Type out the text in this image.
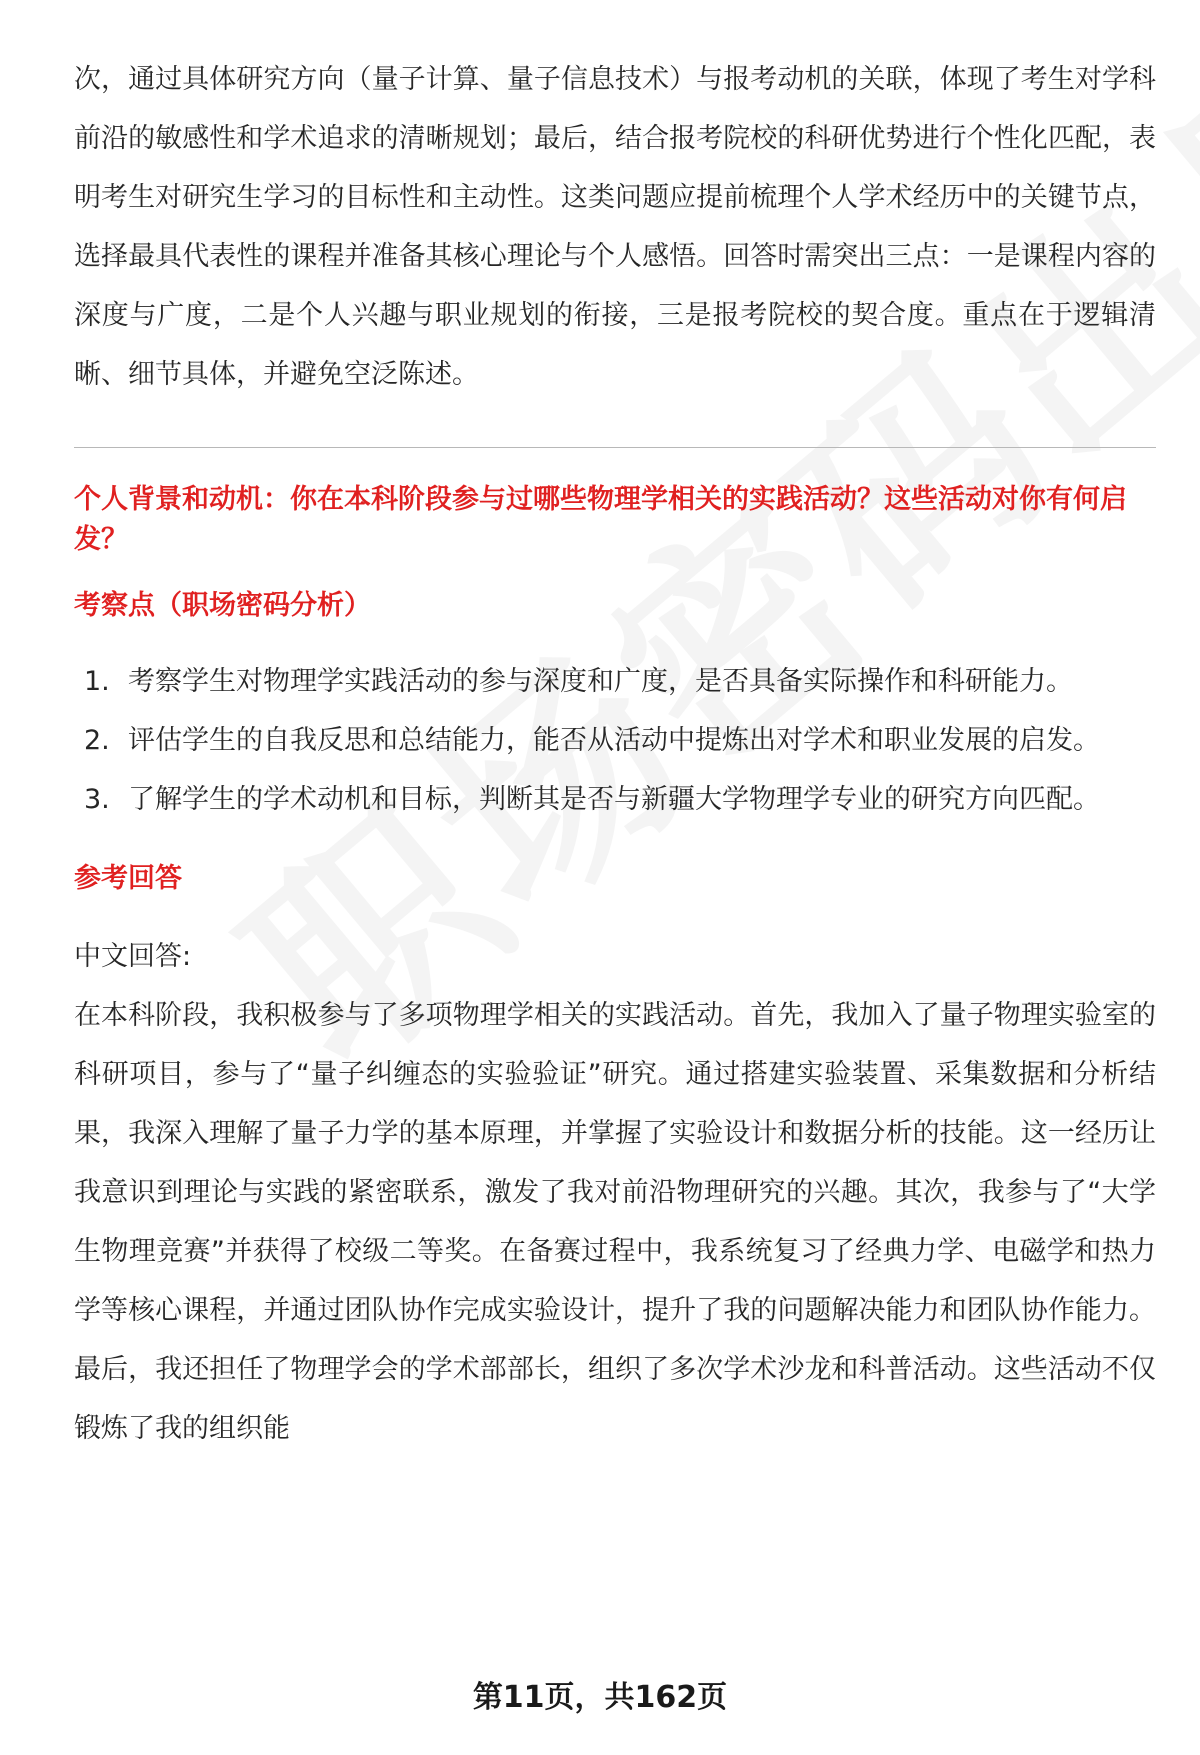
次，通过具体研究方向（量子计算、量子信息技术）与报考动机的关联，体现了考生对学科前沿的敏感性和学术追求的清晰规划；最后，结合报考院校的科研优势进行个性化匹配，表明考生对研究生学习的目标性和主动性。这类问题应提前梳理个人学术经历中的关键节点，选择最具代表性的课程并准备其核心理论与个人感悟。回答时需突出三点：一是课程内容的深度与广度，二是个人兴趣与职业规划的衔接，三是报考院校的契合度。重点在于逻辑清晰、细节具体，并避免空泛陈述。

个人背景和动机：你在本科阶段参与过哪些物理学相关的实践活动？这些活动对你有何启发？

考察点（职场密码分析）

1. 考察学生对物理学实践活动的参与深度和广度，是否具备实际操作和科研能力。
2. 评估学生的自我反思和总结能力，能否从活动中提炼出对学术和职业发展的启发。
3. 了解学生的学术动机和目标，判断其是否与新疆大学物理学专业的研究方向匹配。

参考回答

中文回答:

在本科阶段，我积极参与了多项物理学相关的实践活动。首先，我加入了量子物理实验室的科研项目，参与了“量子纠缠态的实验验证”研究。通过搭建实验装置、采集数据和分析结果，我深入理解了量子力学的基本原理，并掌握了实验设计和数据分析的技能。这一经历让我意识到理论与实践的紧密联系，激发了我对前沿物理研究的兴趣。其次，我参与了“大学生物理竞赛”并获得了校级二等奖。在备赛过程中，我系统复习了经典力学、电磁学和热力学等核心课程，并通过团队协作完成实验设计，提升了我的问题解决能力和团队协作能力。最后，我还担任了物理学会的学术部部长，组织了多次学术沙龙和科普活动。这些活动不仅锻炼了我的组织能

第11页，共162页
